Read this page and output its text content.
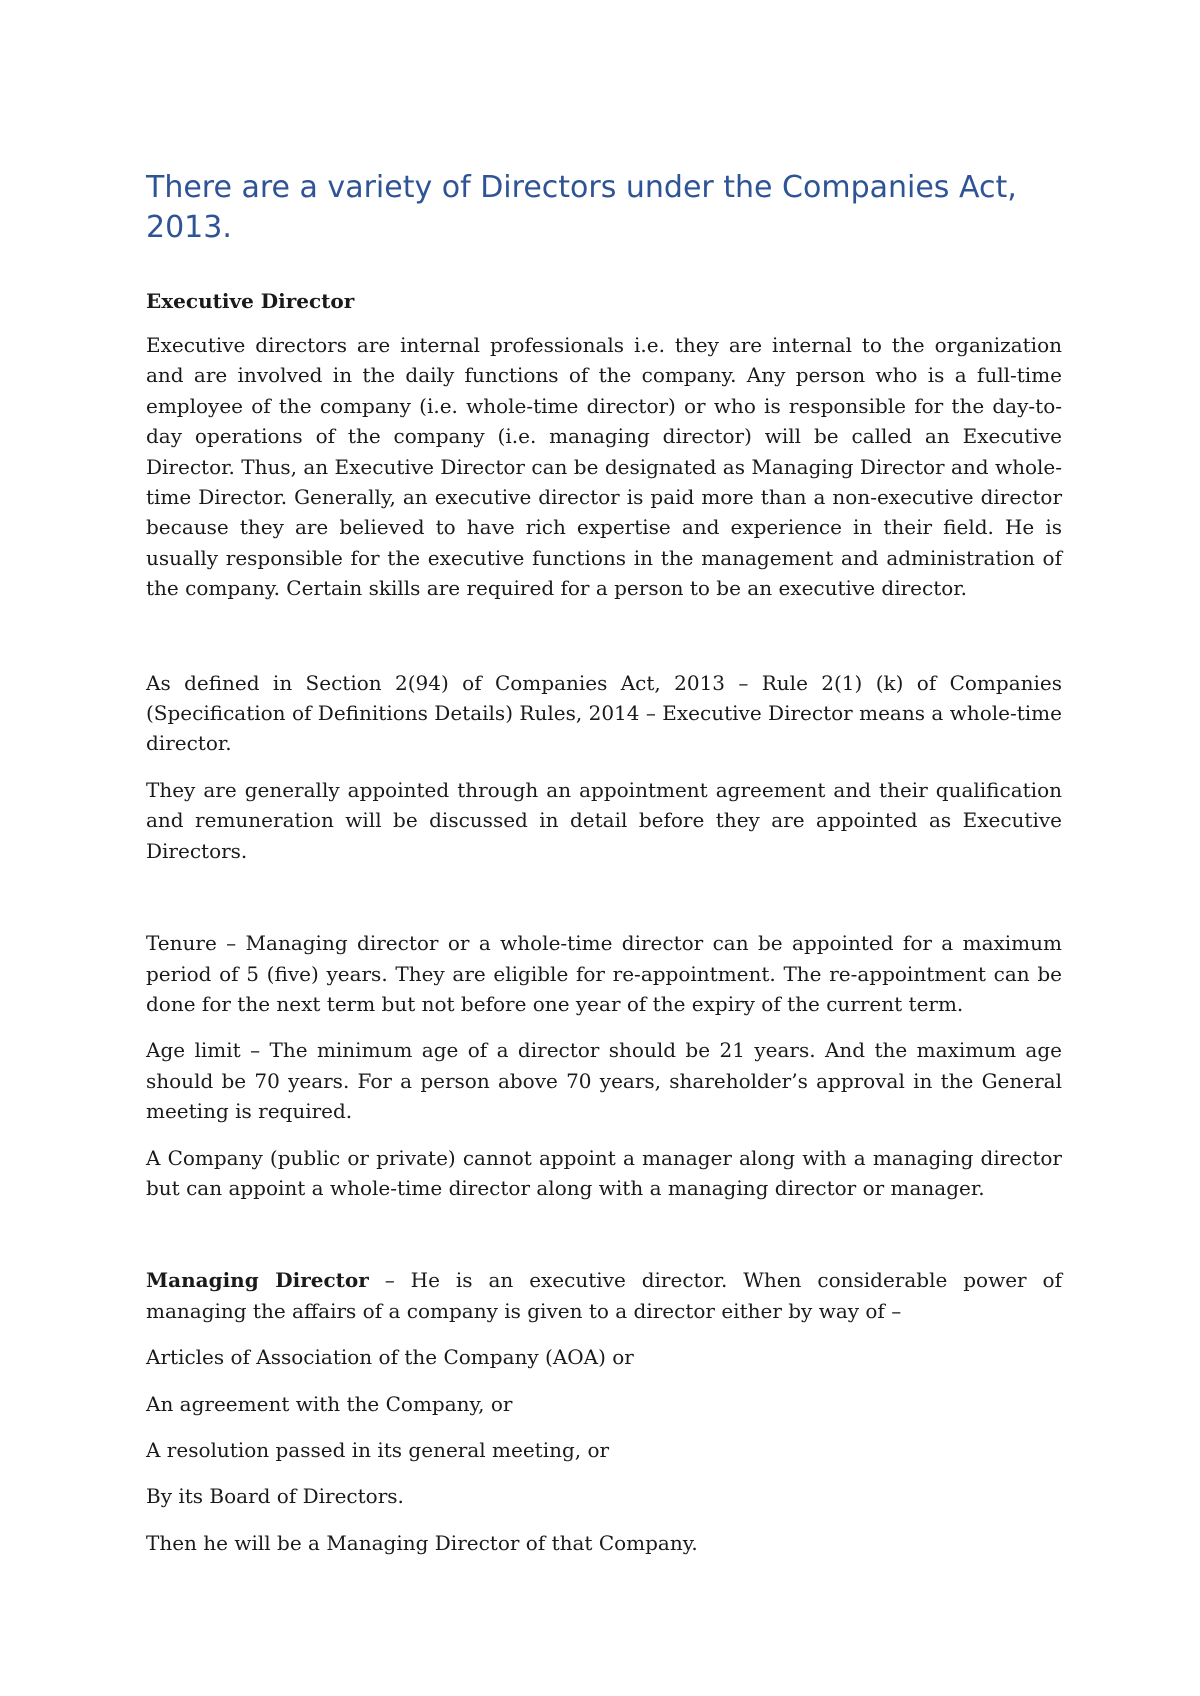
There are a variety of Directors under the Companies Act, 2013.
Executive Director

Executive directors are internal professionals i.e. they are internal to the organization and are involved in the daily functions of the company. Any person who is a full-time employee of the company (i.e. whole-time director) or who is responsible for the day-to-day operations of the company (i.e. managing director) will be called an Executive Director. Thus, an Executive Director can be designated as Managing Director and whole-time Director. Generally, an executive director is paid more than a non-executive director because they are believed to have rich expertise and experience in their field. He is usually responsible for the executive functions in the management and administration of the company. Certain skills are required for a person to be an executive director.

As defined in Section 2(94) of Companies Act, 2013 – Rule 2(1) (k) of Companies (Specification of Definitions Details) Rules, 2014 – Executive Director means a whole-time director.

They are generally appointed through an appointment agreement and their qualification and remuneration will be discussed in detail before they are appointed as Executive Directors.

Tenure – Managing director or a whole-time director can be appointed for a maximum period of 5 (five) years. They are eligible for re-appointment. The re-appointment can be done for the next term but not before one year of the expiry of the current term.

Age limit – The minimum age of a director should be 21 years. And the maximum age should be 70 years. For a person above 70 years, shareholder’s approval in the General meeting is required.

A Company (public or private) cannot appoint a manager along with a managing director but can appoint a whole-time director along with a managing director or manager.

Managing Director – He is an executive director. When considerable power of managing the affairs of a company is given to a director either by way of –

Articles of Association of the Company (AOA) or

An agreement with the Company, or

A resolution passed in its general meeting, or

By its Board of Directors.

Then he will be a Managing Director of that Company.
